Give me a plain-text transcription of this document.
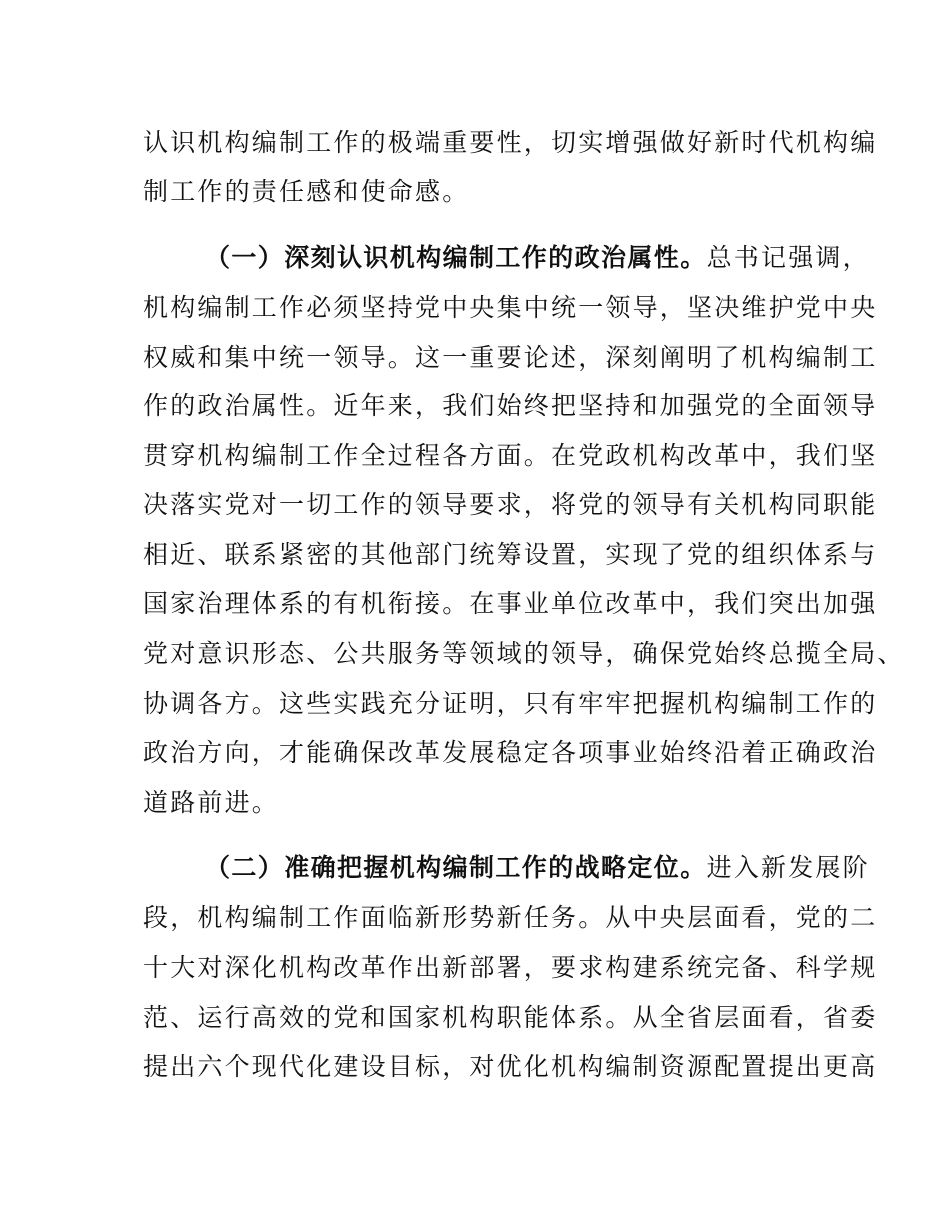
认识机构编制工作的极端重要性，切实增强做好新时代机构编
制工作的责任感和使命感。
（一）深刻认识机构编制工作的政治属性。总书记强调，
机构编制工作必须坚持党中央集中统一领导，坚决维护党中央
权威和集中统一领导。这一重要论述，深刻阐明了机构编制工
作的政治属性。近年来，我们始终把坚持和加强党的全面领导
贯穿机构编制工作全过程各方面。在党政机构改革中，我们坚
决落实党对一切工作的领导要求，将党的领导有关机构同职能
相近、联系紧密的其他部门统筹设置，实现了党的组织体系与
国家治理体系的有机衔接。在事业单位改革中，我们突出加强
党对意识形态、公共服务等领域的领导，确保党始终总揽全局、
协调各方。这些实践充分证明，只有牢牢把握机构编制工作的
政治方向，才能确保改革发展稳定各项事业始终沿着正确政治
道路前进。
（二）准确把握机构编制工作的战略定位。进入新发展阶
段，机构编制工作面临新形势新任务。从中央层面看，党的二
十大对深化机构改革作出新部署，要求构建系统完备、科学规
范、运行高效的党和国家机构职能体系。从全省层面看，省委
提出六个现代化建设目标，对优化机构编制资源配置提出更高
